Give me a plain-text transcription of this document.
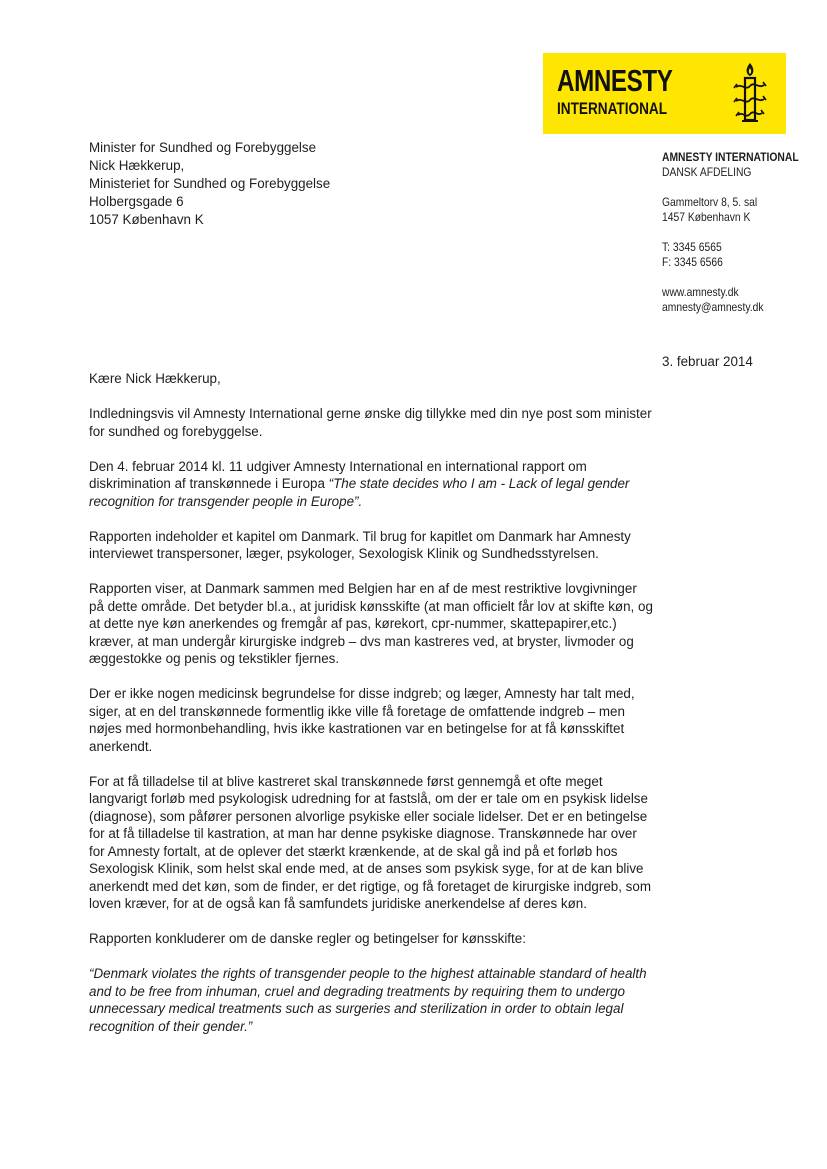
AMNESTY
INTERNATIONAL
Minister for Sundhed og Forebyggelse
Nick Hækkerup,
Ministeriet for Sundhed og Forebyggelse
Holbergsgade 6
1057 København K
AMNESTY INTERNATIONAL
DANSK AFDELING
Gammeltorv 8, 5. sal
1457 København K
T: 3345 6565
F: 3345 6566
www.amnesty.dk
amnesty@amnesty.dk
3. februar 2014

Kære Nick Hækkerup,

Indledningsvis vil Amnesty International gerne ønske dig tillykke med din nye post som minister for sundhed og forebyggelse.

Den 4. februar 2014 kl. 11 udgiver Amnesty International en international rapport om diskrimination af transkønnede i Europa “The state decides who I am - Lack of legal gender recognition for transgender people in Europe”.

Rapporten indeholder et kapitel om Danmark. Til brug for kapitlet om Danmark har Amnesty interviewet transpersoner, læger, psykologer, Sexologisk Klinik og Sundhedsstyrelsen.

Rapporten viser, at Danmark sammen med Belgien har en af de mest restriktive lovgivninger på dette område. Det betyder bl.a., at juridisk kønsskifte (at man officielt får lov at skifte køn, og at dette nye køn anerkendes og fremgår af pas, kørekort, cpr-nummer, skattepapirer,etc.) kræver, at man undergår kirurgiske indgreb – dvs man kastreres ved, at bryster, livmoder og æggestokke og penis og tekstikler fjernes.

Der er ikke nogen medicinsk begrundelse for disse indgreb; og læger, Amnesty har talt med, siger, at en del transkønnede formentlig ikke ville få foretage de omfattende indgreb – men nøjes med hormonbehandling, hvis ikke kastrationen var en betingelse for at få kønsskiftet anerkendt.

For at få tilladelse til at blive kastreret skal transkønnede først gennemgå et ofte meget langvarigt forløb med psykologisk udredning for at fastslå, om der er tale om en psykisk lidelse (diagnose), som påfører personen alvorlige psykiske eller sociale lidelser. Det er en betingelse for at få tilladelse til kastration, at man har denne psykiske diagnose. Transkønnede har over for Amnesty fortalt, at de oplever det stærkt krænkende, at de skal gå ind på et forløb hos Sexologisk Klinik, som helst skal ende med, at de anses som psykisk syge, for at de kan blive anerkendt med det køn, som de finder, er det rigtige, og få foretaget de kirurgiske indgreb, som loven kræver, for at de også kan få samfundets juridiske anerkendelse af deres køn.

Rapporten konkluderer om de danske regler og betingelser for kønsskifte:

“Denmark violates the rights of transgender people to the highest attainable standard of health and to be free from inhuman, cruel and degrading treatments by requiring them to undergo unnecessary medical treatments such as surgeries and sterilization in order to obtain legal recognition of their gender.”
